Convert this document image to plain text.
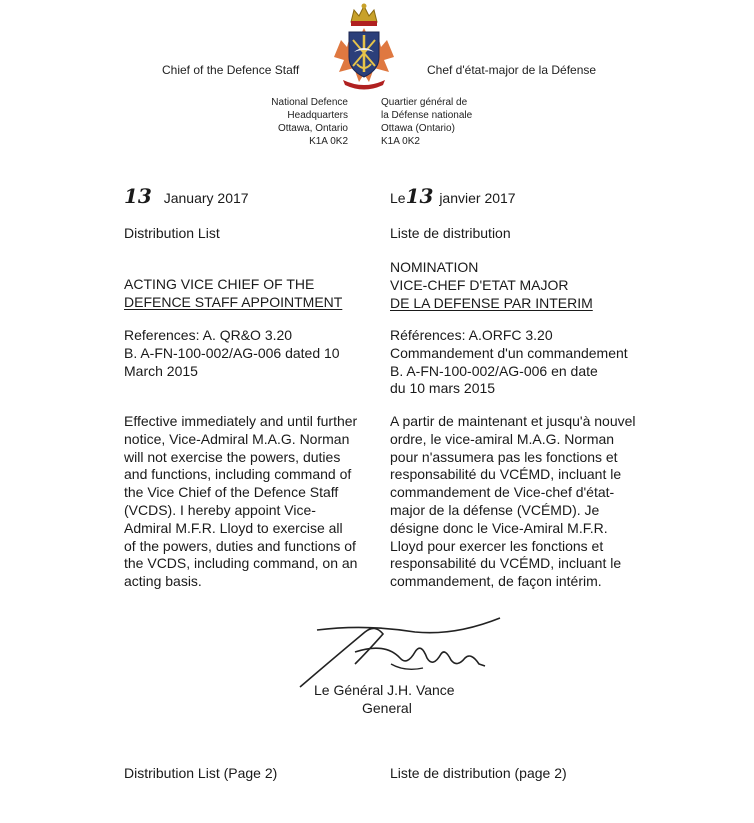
Chief of the Defence Staff	Chef d'état-major de la Défense
National Defence
Headquarters
Ottawa, Ontario
K1A 0K2
Quartier général de
la Défense nationale
Ottawa (Ontario)
K1A 0K2
13 January 2017	Le13 janvier 2017
Distribution List	Liste de distribution
ACTING VICE CHIEF OF THE
DEFENCE STAFF APPOINTMENT
NOMINATION
VICE-CHEF D'ETAT MAJOR
DE LA DEFENSE PAR INTERIM
References: A. QR&O 3.20
B. A-FN-100-002/AG-006 dated 10
March 2015
Références: A.ORFC 3.20
Commandement d'un commandement
B. A-FN-100-002/AG-006 en date
du 10 mars 2015
Effective immediately and until further
notice, Vice-Admiral M.A.G. Norman
will not exercise the powers, duties
and functions, including command of
the Vice Chief of the Defence Staff
(VCDS). I hereby appoint Vice-
Admiral M.F.R. Lloyd to exercise all
of the powers, duties and functions of
the VCDS, including command, on an
acting basis.
A partir de maintenant et jusqu'à nouvel
ordre, le vice-amiral M.A.G. Norman
pour n'assumera pas les fonctions et
responsabilité du VCÉMD, incluant le
commandement de Vice-chef d'état-
major de la défense (VCÉMD). Je
désigne donc le Vice-Amiral M.F.R.
Lloyd pour exercer les fonctions et
responsabilité du VCÉMD, incluant le
commandement, de façon intérim.
Le Général J.H. Vance
General
Distribution List (Page 2)	Liste de distribution (page 2)
